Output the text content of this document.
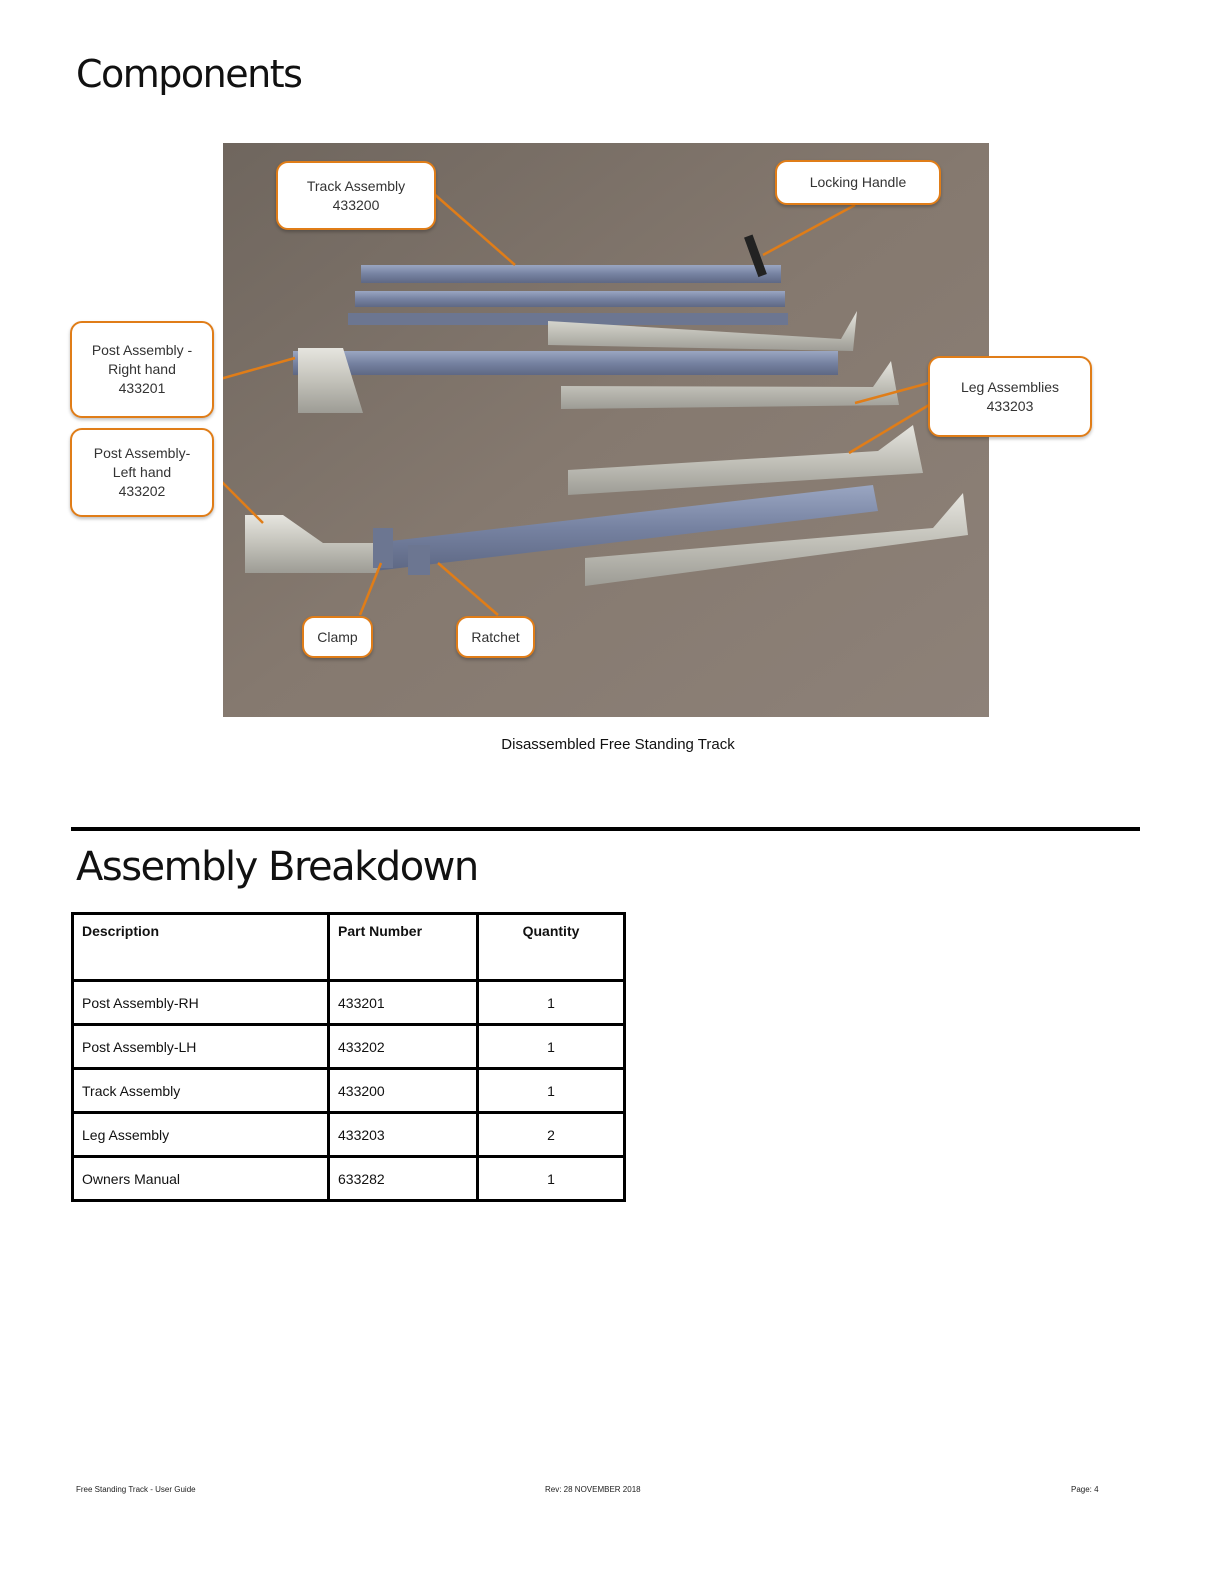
Components
Track Assembly
433200
Locking Handle
Post Assembly -
Right hand
433201
Post Assembly-
Left hand
433202
Leg Assemblies
433203
Clamp	Ratchet
Disassembled Free Standing Track
Assembly Breakdown
Description	Part Number	Quantity
Post Assembly-RH	433201	1
Post Assembly-LH	433202	1
Track Assembly	433200	1
Leg Assembly	433203	2
Owners Manual	633282	1
Free Standing Track - User Guide	Rev: 28 NOVEMBER 2018	Page: 4
